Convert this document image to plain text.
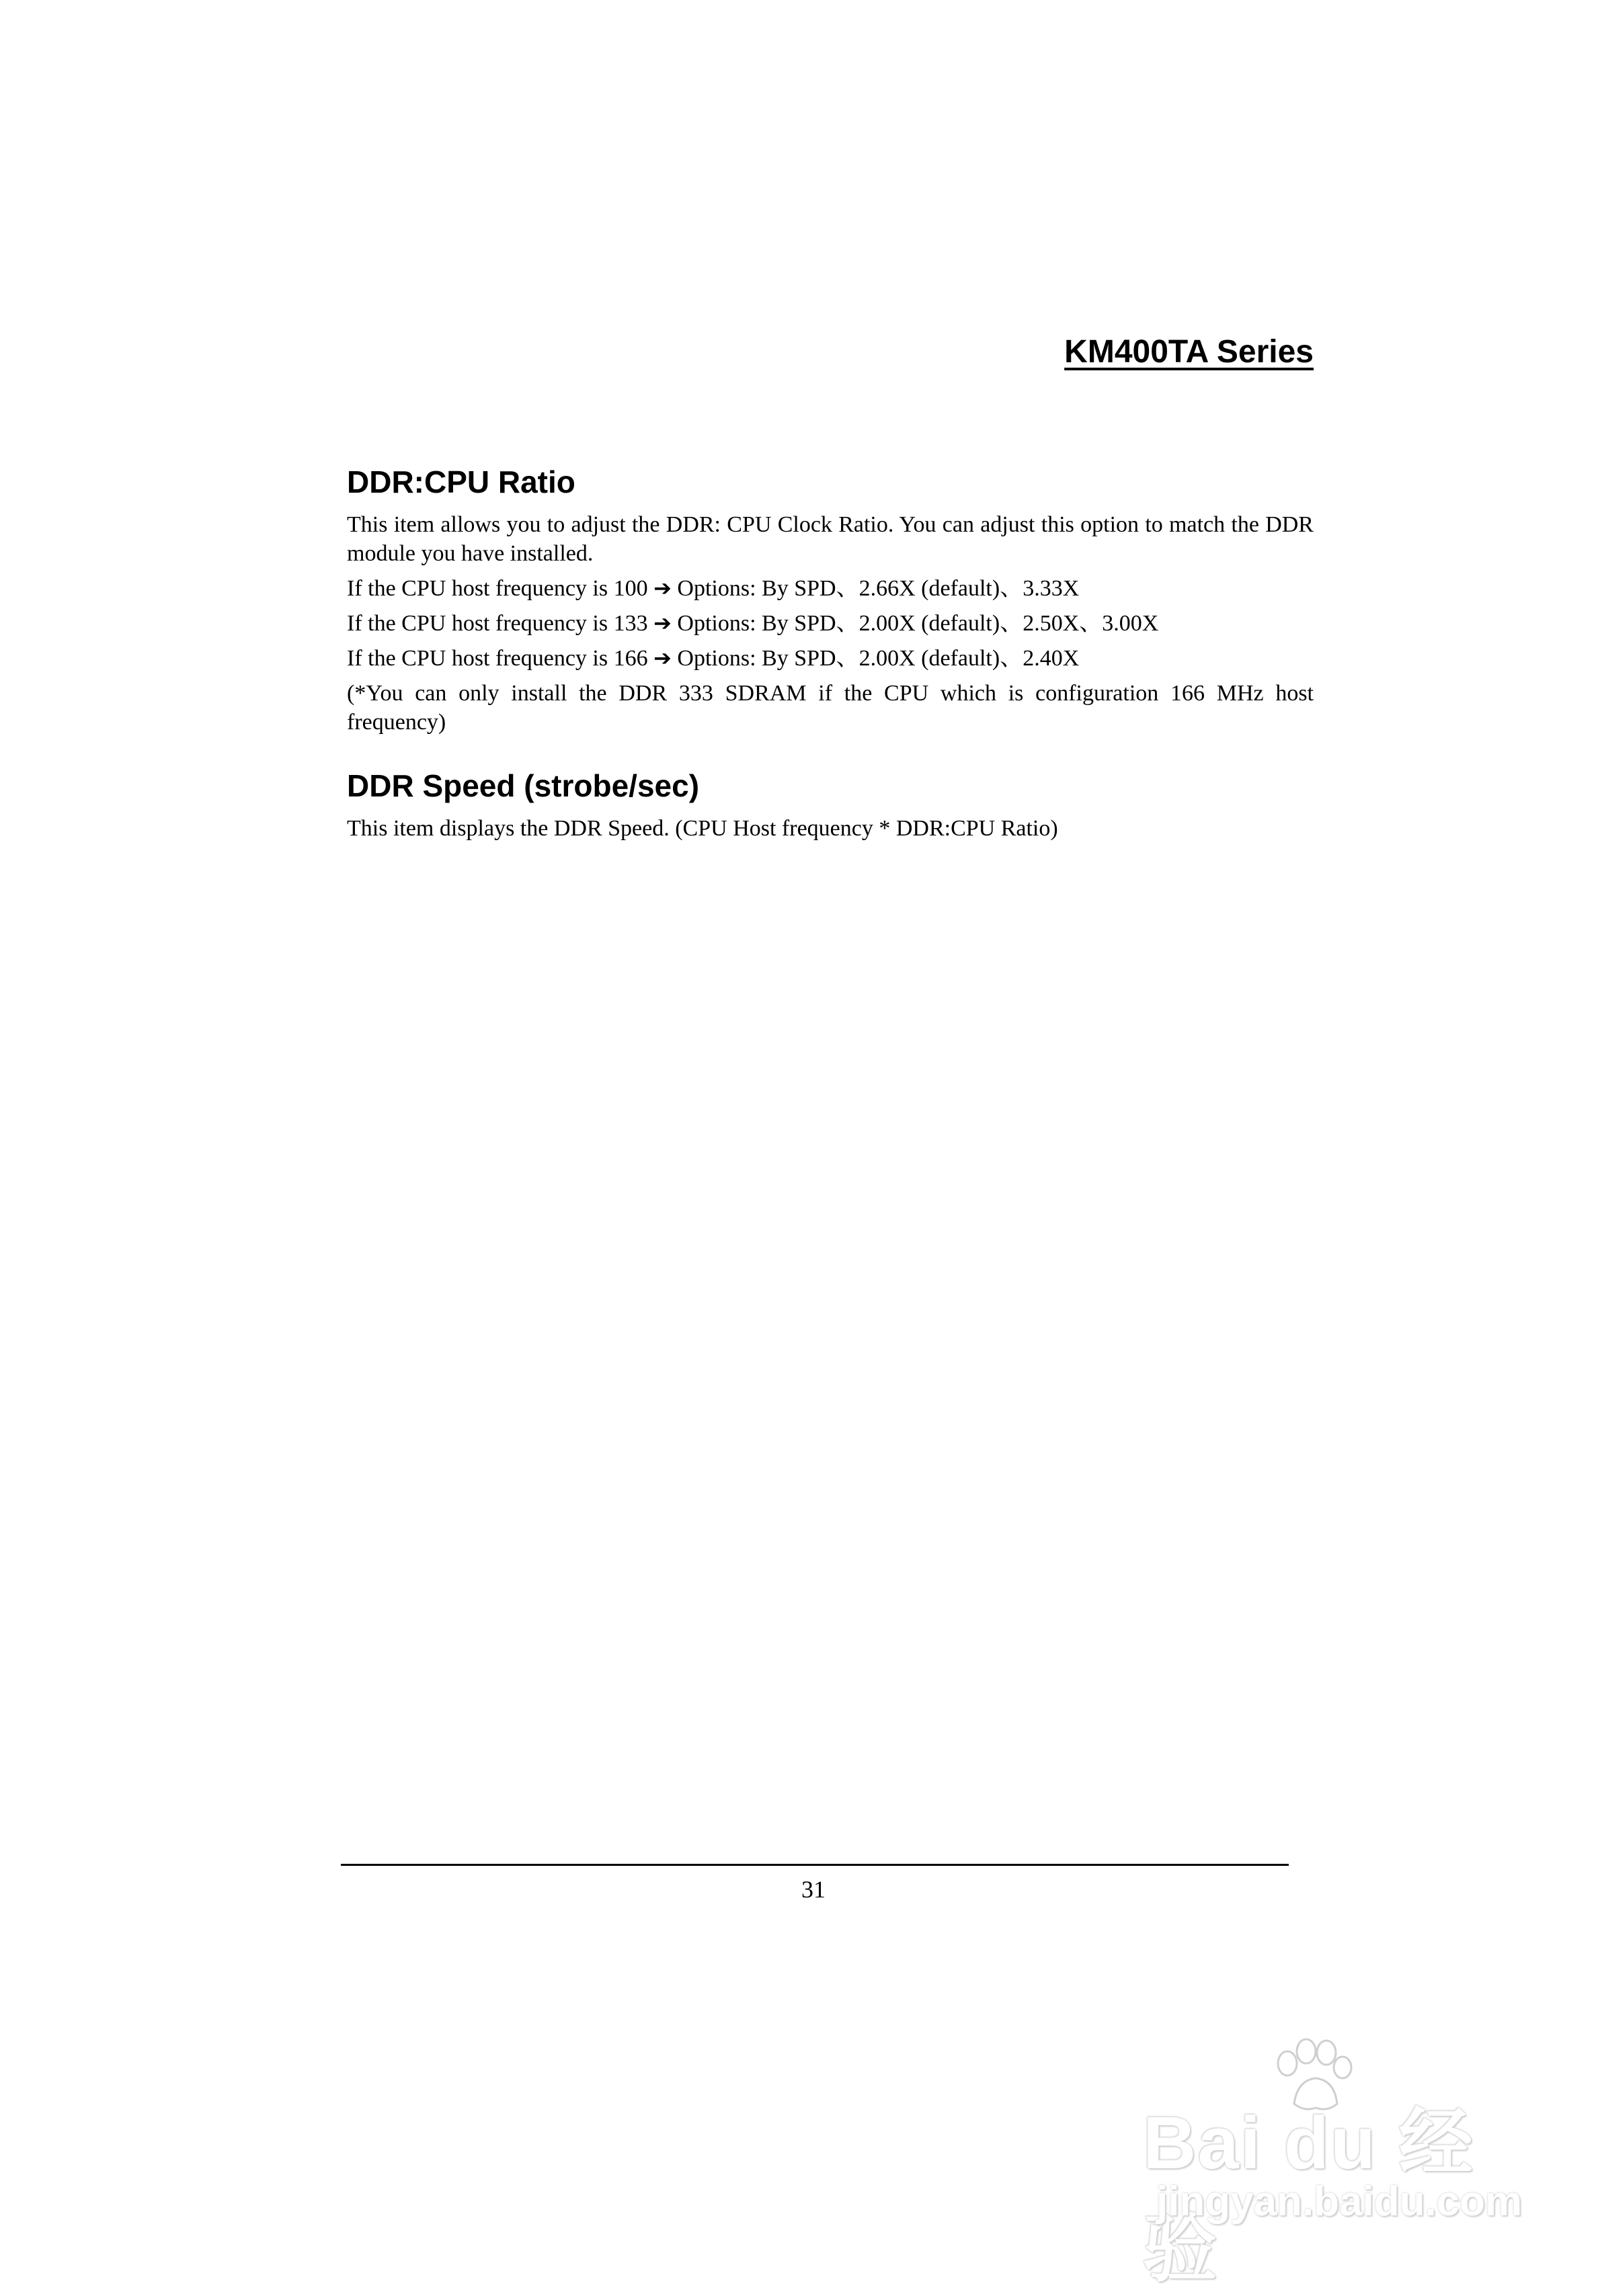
KM400TA Series
DDR:CPU Ratio

This item allows you to adjust the DDR: CPU Clock Ratio. You can adjust this option to match the DDR module you have installed.

If the CPU host frequency is 100 ➔ Options: By SPD、2.66X (default)、3.33X

If the CPU host frequency is 133 ➔ Options: By SPD、2.00X (default)、2.50X、3.00X

If the CPU host frequency is 166 ➔ Options: By SPD、2.00X (default)、2.40X

(*You can only install the DDR 333 SDRAM if the CPU which is configuration 166 MHz host frequency)

DDR Speed (strobe/sec)

This item displays the DDR Speed. (CPU Host frequency * DDR:CPU Ratio)

31
Bai du 经验
jingyan.baidu.com
